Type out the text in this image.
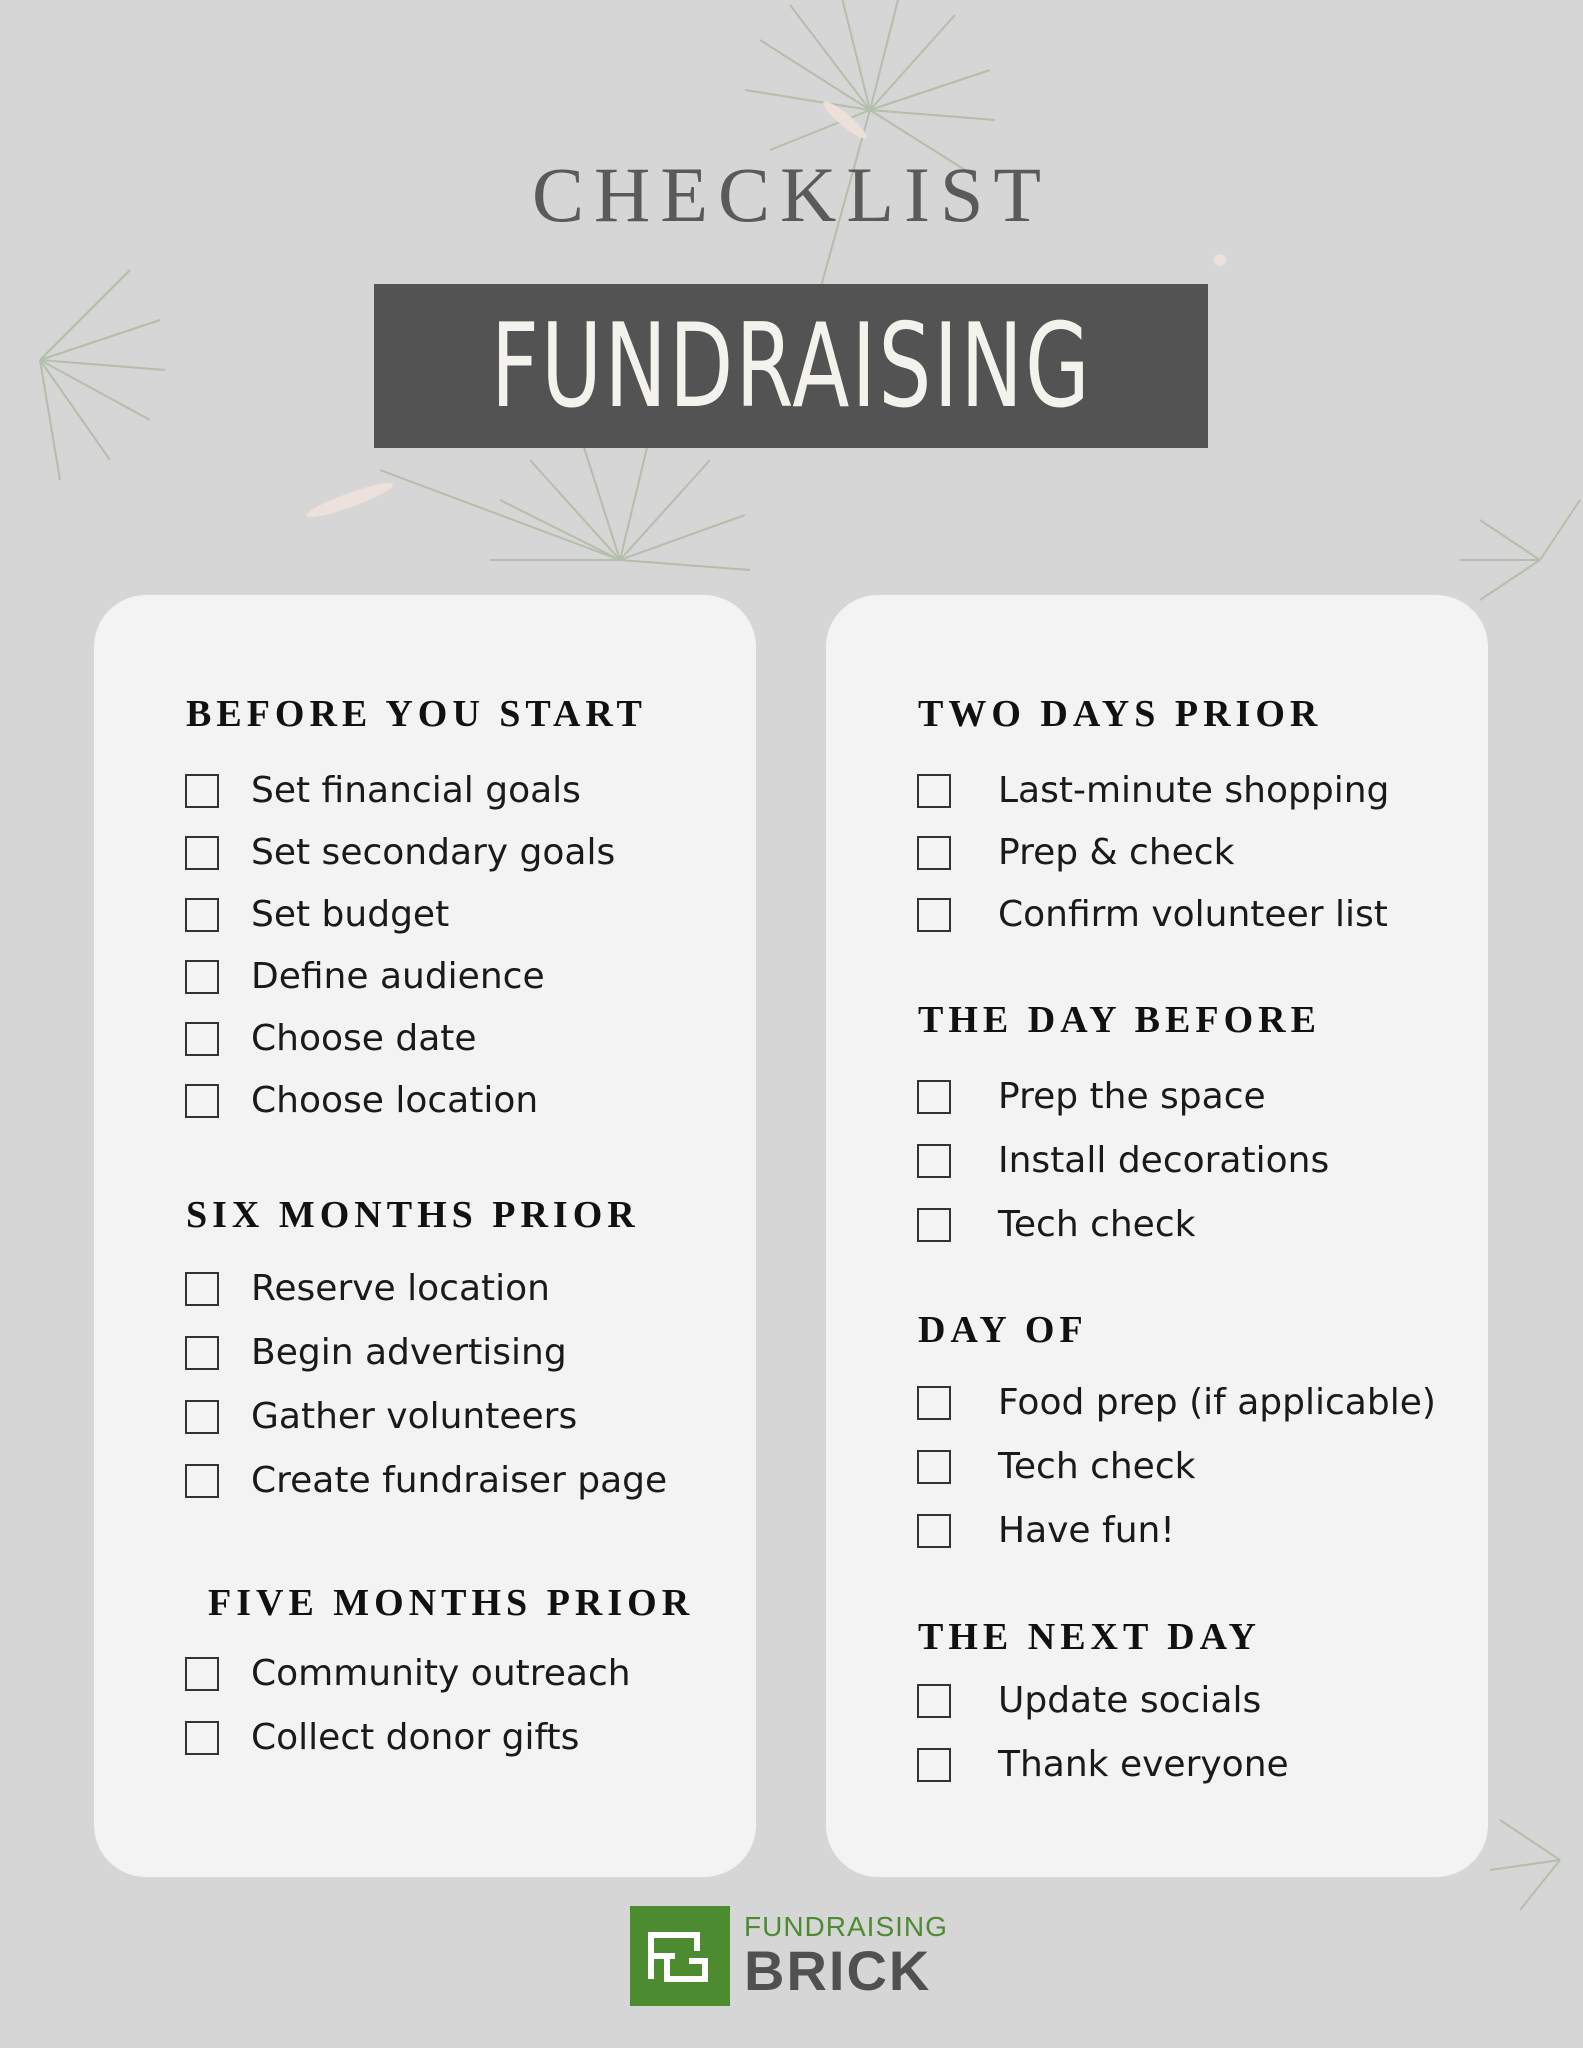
CHECKLIST
FUNDRAISING
BEFORE YOU START
Set financial goals
Set secondary goals
Set budget
Define audience
Choose date
Choose location
SIX MONTHS PRIOR
Reserve location
Begin advertising
Gather volunteers
Create fundraiser page
FIVE MONTHS PRIOR
Community outreach
Collect donor gifts
TWO DAYS PRIOR
Last-minute shopping
Prep & check
Confirm volunteer list
THE DAY BEFORE
Prep the space
Install decorations
Tech check
DAY OF
Food prep (if applicable)
Tech check
Have fun!
THE NEXT DAY
Update socials
Thank everyone
FUNDRAISING
BRICK
